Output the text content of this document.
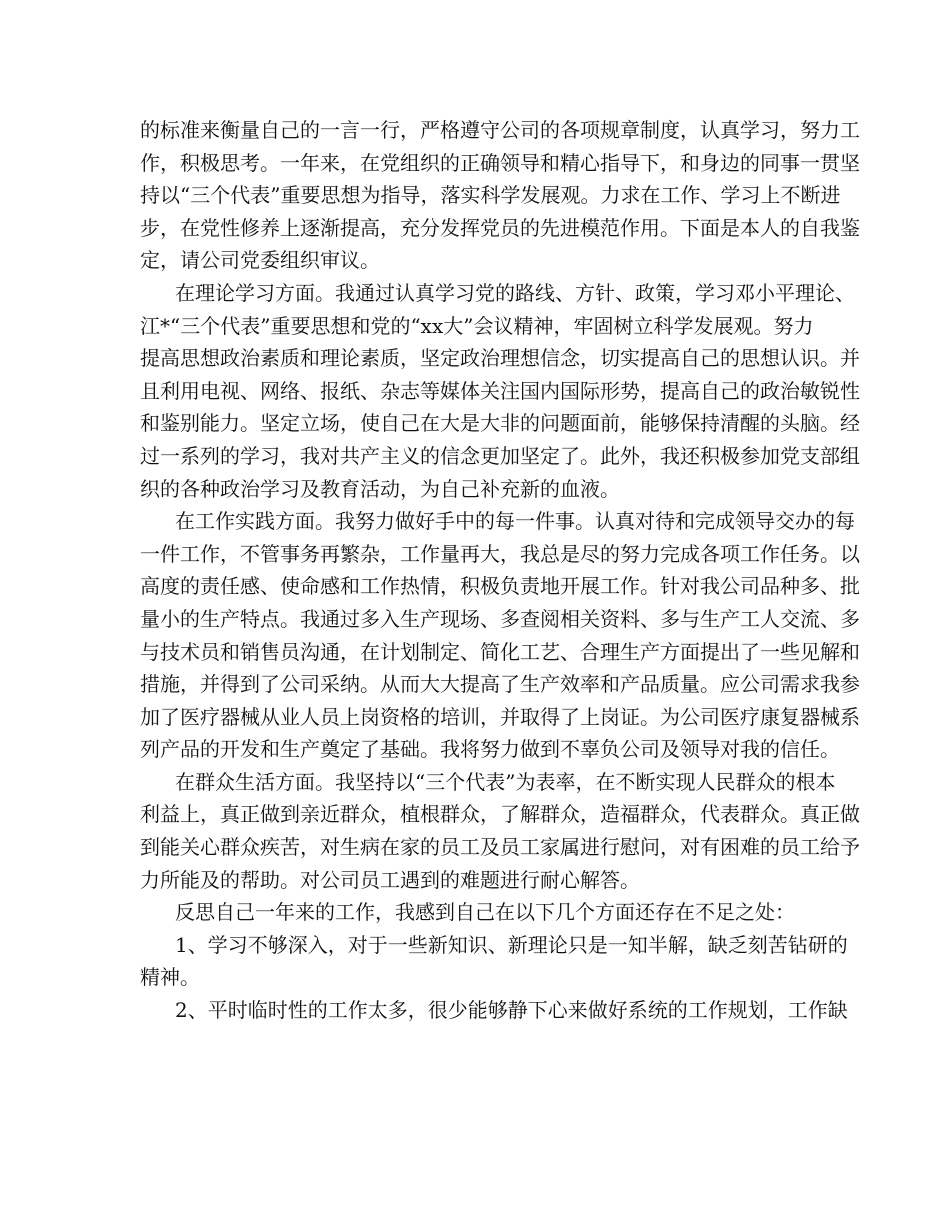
的标准来衡量自己的一言一行，严格遵守公司的各项规章制度，认真学习，努力工
作，积极思考。一年来，在党组织的正确领导和精心指导下，和身边的同事一贯坚
持以“三个代表”重要思想为指导，落实科学发展观。力求在工作、学习上不断进
步，在党性修养上逐渐提高，充分发挥党员的先进模范作用。下面是本人的自我鉴
定，请公司党委组织审议。
在理论学习方面。我通过认真学习党的路线、方针、政策，学习邓小平理论、
江*“三个代表”重要思想和党的“xx大”会议精神，牢固树立科学发展观。努力
提高思想政治素质和理论素质，坚定政治理想信念，切实提高自己的思想认识。并
且利用电视、网络、报纸、杂志等媒体关注国内国际形势，提高自己的政治敏锐性
和鉴别能力。坚定立场，使自己在大是大非的问题面前，能够保持清醒的头脑。经
过一系列的学习，我对共产主义的信念更加坚定了。此外，我还积极参加党支部组
织的各种政治学习及教育活动，为自己补充新的血液。
在工作实践方面。我努力做好手中的每一件事。认真对待和完成领导交办的每
一件工作，不管事务再繁杂，工作量再大，我总是尽的努力完成各项工作任务。以
高度的责任感、使命感和工作热情，积极负责地开展工作。针对我公司品种多、批
量小的生产特点。我通过多入生产现场、多查阅相关资料、多与生产工人交流、多
与技术员和销售员沟通，在计划制定、简化工艺、合理生产方面提出了一些见解和
措施，并得到了公司采纳。从而大大提高了生产效率和产品质量。应公司需求我参
加了医疗器械从业人员上岗资格的培训，并取得了上岗证。为公司医疗康复器械系
列产品的开发和生产奠定了基础。我将努力做到不辜负公司及领导对我的信任。
在群众生活方面。我坚持以“三个代表”为表率，在不断实现人民群众的根本
利益上，真正做到亲近群众，植根群众，了解群众，造福群众，代表群众。真正做
到能关心群众疾苦，对生病在家的员工及员工家属进行慰问，对有困难的员工给予
力所能及的帮助。对公司员工遇到的难题进行耐心解答。
反思自己一年来的工作，我感到自己在以下几个方面还存在不足之处：
1、学习不够深入，对于一些新知识、新理论只是一知半解，缺乏刻苦钻研的
精神。
2、平时临时性的工作太多，很少能够静下心来做好系统的工作规划，工作缺
